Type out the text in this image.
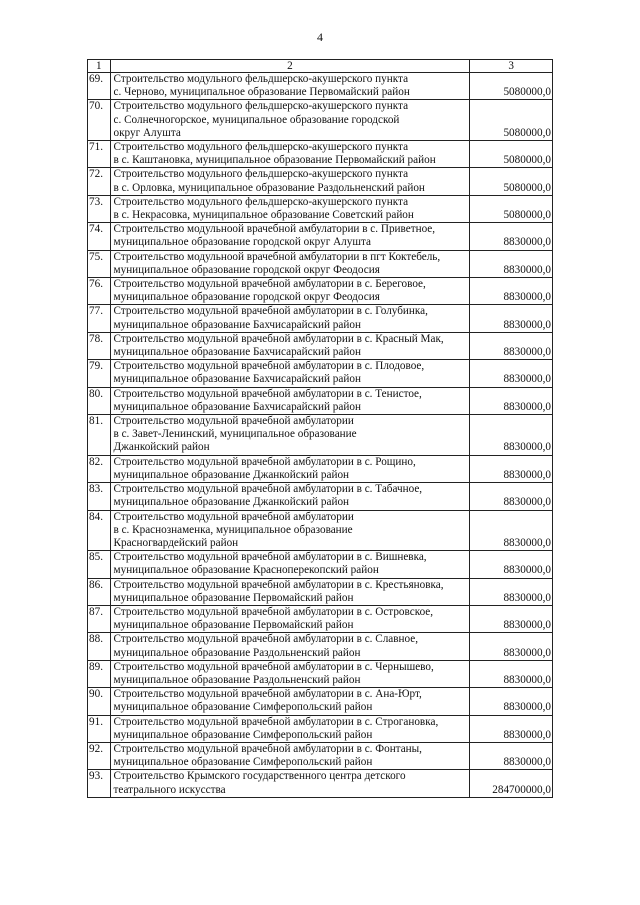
4
1	2	3
69.	Строительство модульного фельдшерско-акушерского пункта
с. Черново, муниципальное образование Первомайский район	5080000,0
70.	Строительство модульного фельдшерско-акушерского пункта
с. Солнечногорское, муниципальное образование городской
округ Алушта	5080000,0
71.	Строительство модульного фельдшерско-акушерского пункта
в с. Каштановка, муниципальное образование Первомайский район	5080000,0
72.	Строительство модульного фельдшерско-акушерского пункта
в с. Орловка, муниципальное образование Раздольненский район	5080000,0
73.	Строительство модульного фельдшерско-акушерского пункта
в с. Некрасовка, муниципальное образование Советский район	5080000,0
74.	Строительство модульноой врачебной амбулатории в с. Приветное,
муниципальное образование городской округ Алушта	8830000,0
75.	Строительство модульноой врачебной амбулатории в пгт Коктебель,
муниципальное образование городской округ Феодосия	8830000,0
76.	Строительство модульной врачебной амбулатории в с. Береговое,
муниципальное образование городской округ Феодосия	8830000,0
77.	Строительство модульной врачебной амбулатории в с. Голубинка,
муниципальное образование Бахчисарайский район	8830000,0
78.	Строительство модульной врачебной амбулатории в с. Красный Мак,
муниципальное образование Бахчисарайский район	8830000,0
79.	Строительство модульной врачебной амбулатории в с. Плодовое,
муниципальное образование Бахчисарайский район	8830000,0
80.	Строительство модульной врачебной амбулатории в с. Тенистое,
муниципальное образование Бахчисарайский район	8830000,0
81.	Строительство модульной врачебной амбулатории
в с. Завет-Ленинский, муниципальное образование
Джанкойский район	8830000,0
82.	Строительство модульной врачебной амбулатории в с. Рощино,
муниципальное образование Джанкойский район	8830000,0
83.	Строительство модульной врачебной амбулатории в с. Табачное,
муниципальное образование Джанкойский район	8830000,0
84.	Строительство модульной врачебной амбулатории
в с. Краснознаменка, муниципальное образование
Красногвардейский район	8830000,0
85.	Строительство модульной врачебной амбулатории в с. Вишневка,
муниципальное образование Красноперекопский район	8830000,0
86.	Строительство модульной врачебной амбулатории в с. Крестьяновка,
муниципальное образование Первомайский район	8830000,0
87.	Строительство модульной врачебной амбулатории в с. Островское,
муниципальное образование Первомайский район	8830000,0
88.	Строительство модульной врачебной амбулатории в с. Славное,
муниципальное образование Раздольненский район	8830000,0
89.	Строительство модульной врачебной амбулатории в с. Чернышево,
муниципальное образование Раздольненский район	8830000,0
90.	Строительство модульной врачебной амбулатории в с. Ана-Юрт,
муниципальное образование Симферопольский район	8830000,0
91.	Строительство модульной врачебной амбулатории в с. Строгановка,
муниципальное образование Симферопольский район	8830000,0
92.	Строительство модульной врачебной амбулатории в с. Фонтаны,
муниципальное образование Симферопольский район	8830000,0
93.	Строительство Крымского государственного центра детского
театрального искусства	284700000,0
